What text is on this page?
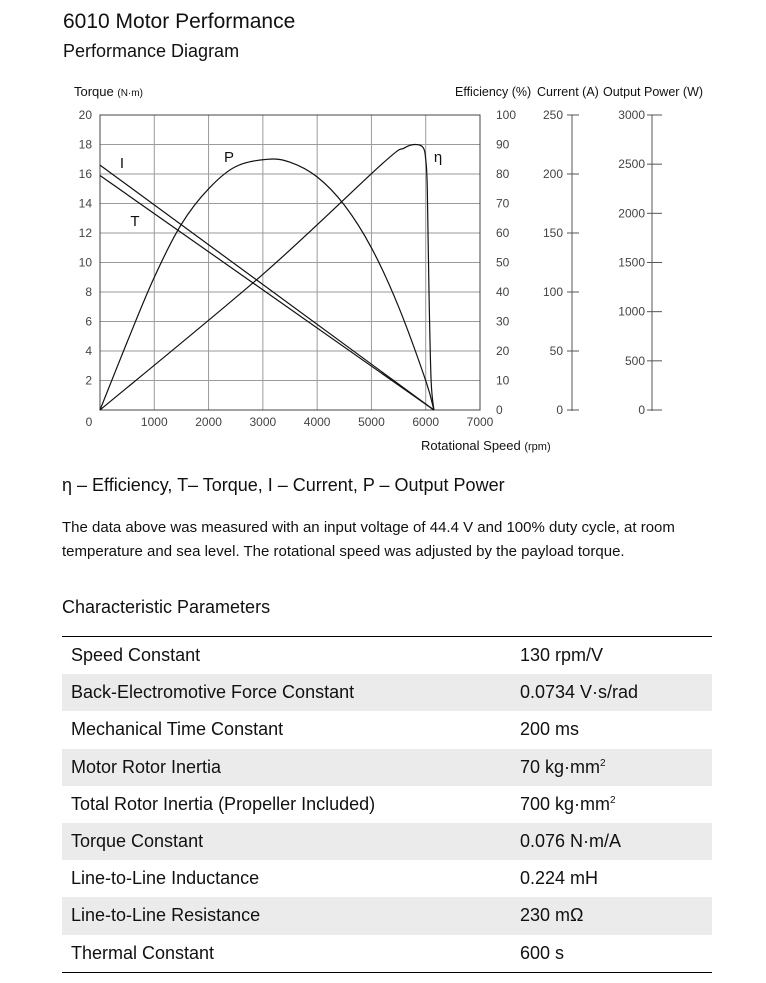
6010 Motor Performance
Performance Diagram
2
4
6
8
10
12
14
16
18
20
0
10
20
30
40
50
60
70
80
90
100
0	1000 2000 3000 4000 5000 6000 7000
0
50
100
150
200
250
0
500
1000
1500
2000
2500
3000
Torque (N·m)	Efficiency (%) Current (A) Output Power (W)
Rotational Speed (rpm)
T
I	P	η
η – Efficiency, T– Torque, I – Current, P – Output Power
The data above was measured with an input voltage of 44.4 V and 100% duty cycle, at room temperature and sea level. The rotational speed was adjusted by the payload torque.
Characteristic Parameters
Speed Constant	130 rpm/V
Back-Electromotive Force Constant	0.0734 V·s/rad
Mechanical Time Constant	200 ms
Motor Rotor Inertia	70 $kg\cdot mm^2$
Total Rotor Inertia (Propeller Included)	700 $kg\cdot mm^2$
Torque Constant	0.076 N·m/A
Line-to-Line Inductance	0.224 mH
Line-to-Line Resistance	230 mΩ
Thermal Constant	600 s
